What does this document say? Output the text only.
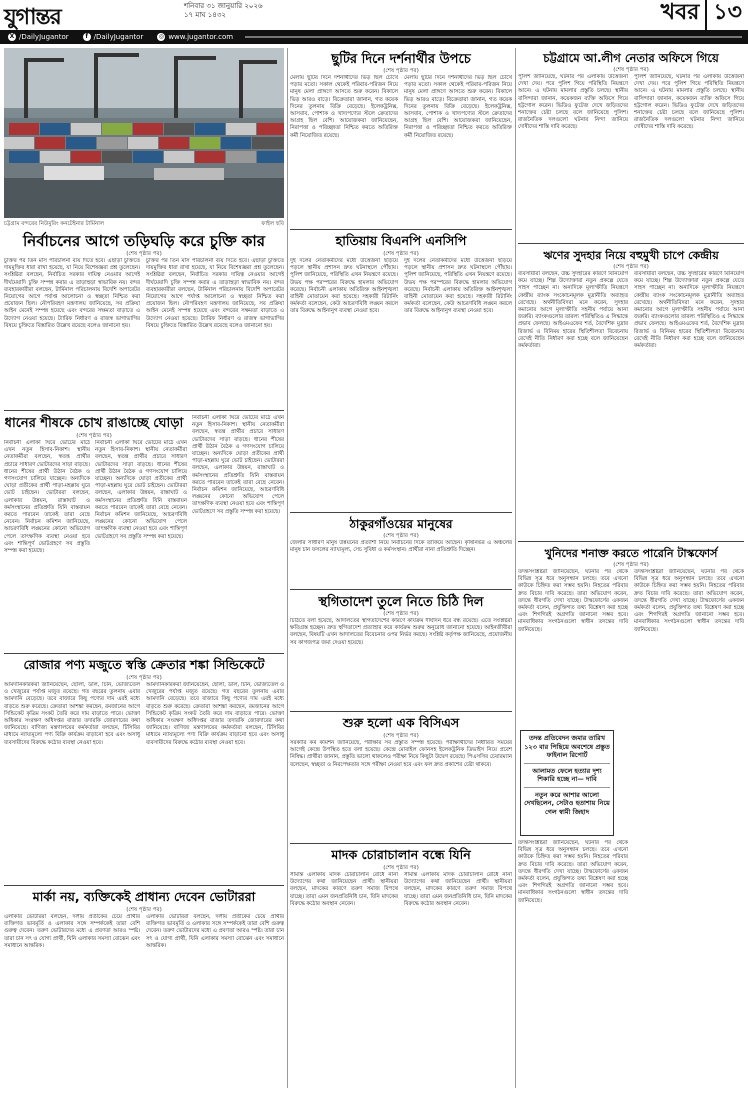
যুগান্তর	শনিবার ৩১ জানুয়ারি ২০২৬
১৭ মাঘ ১৪৩২	খবর ১৩
X /DailyJugantor	f /DailyJugantor	◎ www.jugantor.com
চট্টগ্রাম বন্দরের নিউমুরিং কনটেইনার টার্মিনাল	ফাইল ছবি
নির্বাচনের আগে তড়িঘড়ি করে চুক্তি কার
(শেষ পৃষ্ঠার পর)
চুক্তির পর তিন মাস পরিচালনা ব্যয় দিতে হবে। এছাড়া চুক্তিতে দায়মুক্তির ধারা রাখা হয়েছে, যা নিয়ে বিশেষজ্ঞরা প্রশ্ন তুলেছেন। সংশ্লিষ্টরা বলছেন, নির্বাচিত সরকার দায়িত্ব নেওয়ার আগেই দীর্ঘমেয়াদি চুক্তি সম্পন্ন করার এ তাড়াহুড়া স্বাভাবিক নয়। বন্দর ব্যবহারকারীরা বলছেন, টার্মিনাল পরিচালনায় বিদেশি অপারেটর নিয়োগের আগে পর্যাপ্ত আলোচনা ও স্বচ্ছতা নিশ্চিত করা প্রয়োজন ছিল। নৌপরিবহণ মন্ত্রণালয় জানিয়েছে, সব প্রক্রিয়া আইন মেনেই সম্পন্ন হয়েছে এবং বন্দরের সক্ষমতা বাড়াতে এ উদ্যোগ নেওয়া হয়েছে। ট্যারিফ নির্ধারণ ও রাজস্ব ভাগাভাগির বিষয়ে চুক্তিতে বিস্তারিত উল্লেখ রয়েছে বলেও জানানো হয়।
চুক্তির পর তিন মাস পরিচালনা ব্যয় দিতে হবে। এছাড়া চুক্তিতে দায়মুক্তির ধারা রাখা হয়েছে, যা নিয়ে বিশেষজ্ঞরা প্রশ্ন তুলেছেন। সংশ্লিষ্টরা বলছেন, নির্বাচিত সরকার দায়িত্ব নেওয়ার আগেই দীর্ঘমেয়াদি চুক্তি সম্পন্ন করার এ তাড়াহুড়া স্বাভাবিক নয়। বন্দর ব্যবহারকারীরা বলছেন, টার্মিনাল পরিচালনায় বিদেশি অপারেটর নিয়োগের আগে পর্যাপ্ত আলোচনা ও স্বচ্ছতা নিশ্চিত করা প্রয়োজন ছিল। নৌপরিবহণ মন্ত্রণালয় জানিয়েছে, সব প্রক্রিয়া আইন মেনেই সম্পন্ন হয়েছে এবং বন্দরের সক্ষমতা বাড়াতে এ উদ্যোগ নেওয়া হয়েছে। ট্যারিফ নির্ধারণ ও রাজস্ব ভাগাভাগির বিষয়ে চুক্তিতে বিস্তারিত উল্লেখ রয়েছে বলেও জানানো হয়।
ধানের শীষকে চোখ রাঙাচ্ছে ঘোড়া
(শেষ পৃষ্ঠার পর)
নির্বাচনী এলাকা ঘিরে ভোটের মাঠে এখন নতুন হিসাব-নিকাশ। স্থানীয় নেতাকর্মীরা বলছেন, স্বতন্ত্র প্রার্থীর প্রচারে সাধারণ ভোটারদের সাড়া বাড়ছে। ধানের শীষের প্রার্থী উঠান বৈঠক ও গণসংযোগ চালিয়ে যাচ্ছেন। অন্যদিকে ঘোড়া প্রতীকের প্রার্থী পাড়া-মহল্লায় ঘুরে ভোট চাইছেন। ভোটাররা বলছেন, এলাকার উন্নয়ন, রাস্তাঘাট ও কর্মসংস্থানের প্রতিশ্রুতি যিনি বাস্তবায়ন করতে পারবেন তাকেই তারা বেছে নেবেন। নির্বাচন কমিশন জানিয়েছে, আচরণবিধি লঙ্ঘনের কোনো অভিযোগ পেলে তাৎক্ষণিক ব্যবস্থা নেওয়া হবে এবং শান্তিপূর্ণ ভোটগ্রহণে সব প্রস্তুতি সম্পন্ন করা হয়েছে।
নির্বাচনী এলাকা ঘিরে ভোটের মাঠে এখন নতুন হিসাব-নিকাশ। স্থানীয় নেতাকর্মীরা বলছেন, স্বতন্ত্র প্রার্থীর প্রচারে সাধারণ ভোটারদের সাড়া বাড়ছে। ধানের শীষের প্রার্থী উঠান বৈঠক ও গণসংযোগ চালিয়ে যাচ্ছেন। অন্যদিকে ঘোড়া প্রতীকের প্রার্থী পাড়া-মহল্লায় ঘুরে ভোট চাইছেন। ভোটাররা বলছেন, এলাকার উন্নয়ন, রাস্তাঘাট ও কর্মসংস্থানের প্রতিশ্রুতি যিনি বাস্তবায়ন করতে পারবেন তাকেই তারা বেছে নেবেন। নির্বাচন কমিশন জানিয়েছে, আচরণবিধি লঙ্ঘনের কোনো অভিযোগ পেলে তাৎক্ষণিক ব্যবস্থা নেওয়া হবে এবং শান্তিপূর্ণ ভোটগ্রহণে সব প্রস্তুতি সম্পন্ন করা হয়েছে।
নির্বাচনী এলাকা ঘিরে ভোটের মাঠে এখন নতুন হিসাব-নিকাশ। স্থানীয় নেতাকর্মীরা বলছেন, স্বতন্ত্র প্রার্থীর প্রচারে সাধারণ ভোটারদের সাড়া বাড়ছে। ধানের শীষের প্রার্থী উঠান বৈঠক ও গণসংযোগ চালিয়ে যাচ্ছেন। অন্যদিকে ঘোড়া প্রতীকের প্রার্থী পাড়া-মহল্লায় ঘুরে ভোট চাইছেন। ভোটাররা বলছেন, এলাকার উন্নয়ন, রাস্তাঘাট ও কর্মসংস্থানের প্রতিশ্রুতি যিনি বাস্তবায়ন করতে পারবেন তাকেই তারা বেছে নেবেন। নির্বাচন কমিশন জানিয়েছে, আচরণবিধি লঙ্ঘনের কোনো অভিযোগ পেলে তাৎক্ষণিক ব্যবস্থা নেওয়া হবে এবং শান্তিপূর্ণ ভোটগ্রহণে সব প্রস্তুতি সম্পন্ন করা হয়েছে।
রোজার পণ্য মজুতে স্বস্তি ক্রেতার শঙ্কা সিন্ডিকেটে
(শেষ পৃষ্ঠার পর)
আমদানিকারকরা জানিয়েছেন, ছোলা, ডাল, চিনি, ভোজ্যতেল ও খেজুরের পর্যাপ্ত মজুত রয়েছে। গত বছরের তুলনায় এবার আমদানি বেড়েছে। তবে বাজারে কিছু পণ্যের দাম এরই মধ্যে বাড়তে শুরু করেছে। ক্রেতারা আশঙ্কা করছেন, রমজানের আগে সিন্ডিকেট কৃত্রিম সংকট তৈরি করে দাম বাড়াতে পারে। ভোক্তা অধিকার সংরক্ষণ অধিদপ্তর বাজার তদারকি জোরদারের কথা জানিয়েছে। বাণিজ্য মন্ত্রণালয়ের কর্মকর্তারা বলছেন, টিসিবির মাধ্যমে ন্যায্যমূল্যে পণ্য বিক্রি কার্যক্রম বাড়ানো হবে এবং অসাধু ব্যবসায়ীদের বিরুদ্ধে কঠোর ব্যবস্থা নেওয়া হবে।
আমদানিকারকরা জানিয়েছেন, ছোলা, ডাল, চিনি, ভোজ্যতেল ও খেজুরের পর্যাপ্ত মজুত রয়েছে। গত বছরের তুলনায় এবার আমদানি বেড়েছে। তবে বাজারে কিছু পণ্যের দাম এরই মধ্যে বাড়তে শুরু করেছে। ক্রেতারা আশঙ্কা করছেন, রমজানের আগে সিন্ডিকেট কৃত্রিম সংকট তৈরি করে দাম বাড়াতে পারে। ভোক্তা অধিকার সংরক্ষণ অধিদপ্তর বাজার তদারকি জোরদারের কথা জানিয়েছে। বাণিজ্য মন্ত্রণালয়ের কর্মকর্তারা বলছেন, টিসিবির মাধ্যমে ন্যায্যমূল্যে পণ্য বিক্রি কার্যক্রম বাড়ানো হবে এবং অসাধু ব্যবসায়ীদের বিরুদ্ধে কঠোর ব্যবস্থা নেওয়া হবে।
মার্কা নয়, ব্যক্তিকেই প্রাধান্য দেবেন ভোটাররা
(শেষ পৃষ্ঠার পর)
এলাকার ভোটাররা বলছেন, দলীয় প্রতীকের চেয়ে প্রার্থীর ব্যক্তিগত ভাবমূর্তি ও এলাকার সঙ্গে সম্পর্ককেই তারা বেশি গুরুত্ব দেবেন। তরুণ ভোটারদের মধ্যে এ প্রবণতা আরও স্পষ্ট। তারা চান সৎ ও যোগ্য প্রার্থী, যিনি এলাকার সমস্যা বোঝেন এবং সমাধানে আন্তরিক।
এলাকার ভোটাররা বলছেন, দলীয় প্রতীকের চেয়ে প্রার্থীর ব্যক্তিগত ভাবমূর্তি ও এলাকার সঙ্গে সম্পর্ককেই তারা বেশি গুরুত্ব দেবেন। তরুণ ভোটারদের মধ্যে এ প্রবণতা আরও স্পষ্ট। তারা চান সৎ ও যোগ্য প্রার্থী, যিনি এলাকার সমস্যা বোঝেন এবং সমাধানে আন্তরিক।
ছুটির দিনে দর্শনার্থীর উপচে
(শেষ পৃষ্ঠার পর)
মেলায় ছুটির দিনে দর্শনার্থীদের ভিড় ছিল চোখে পড়ার মতো। সকাল থেকেই পরিবার-পরিজন নিয়ে মানুষ মেলা প্রাঙ্গণে আসতে শুরু করেন। বিকালে ভিড় আরও বাড়ে। বিক্রেতারা জানান, গত কয়েক দিনের তুলনায় বিক্রি বেড়েছে। ইলেকট্রনিক্স, আসবাব, পোশাক ও খাদ্যপণ্যের স্টলে ক্রেতাদের আগ্রহ ছিল বেশি। আয়োজকরা জানিয়েছেন, নিরাপত্তা ও পরিচ্ছন্নতা নিশ্চিত করতে অতিরিক্ত কর্মী নিয়োজিত রয়েছে।
মেলায় ছুটির দিনে দর্শনার্থীদের ভিড় ছিল চোখে পড়ার মতো। সকাল থেকেই পরিবার-পরিজন নিয়ে মানুষ মেলা প্রাঙ্গণে আসতে শুরু করেন। বিকালে ভিড় আরও বাড়ে। বিক্রেতারা জানান, গত কয়েক দিনের তুলনায় বিক্রি বেড়েছে। ইলেকট্রনিক্স, আসবাব, পোশাক ও খাদ্যপণ্যের স্টলে ক্রেতাদের আগ্রহ ছিল বেশি। আয়োজকরা জানিয়েছেন, নিরাপত্তা ও পরিচ্ছন্নতা নিশ্চিত করতে অতিরিক্ত কর্মী নিয়োজিত রয়েছে।
হাতিয়ায় বিএনপি এনসিপি
(শেষ পৃষ্ঠার পর)
দুই দলের নেতাকর্মীদের মধ্যে উত্তেজনা ছড়িয়ে পড়লে স্থানীয় প্রশাসন দ্রুত ঘটনাস্থলে পৌঁছায়। পুলিশ জানিয়েছে, পরিস্থিতি এখন নিয়ন্ত্রণে রয়েছে। উভয় পক্ষ পরস্পরের বিরুদ্ধে হামলার অভিযোগ করেছে। নির্বাচনী এলাকায় অতিরিক্ত আইনশৃঙ্খলা বাহিনী মোতায়েন করা হয়েছে। সহকারী রিটার্নিং কর্মকর্তা বলেছেন, কেউ আচরণবিধি লঙ্ঘন করলে তার বিরুদ্ধে আইনানুগ ব্যবস্থা নেওয়া হবে।
দুই দলের নেতাকর্মীদের মধ্যে উত্তেজনা ছড়িয়ে পড়লে স্থানীয় প্রশাসন দ্রুত ঘটনাস্থলে পৌঁছায়। পুলিশ জানিয়েছে, পরিস্থিতি এখন নিয়ন্ত্রণে রয়েছে। উভয় পক্ষ পরস্পরের বিরুদ্ধে হামলার অভিযোগ করেছে। নির্বাচনী এলাকায় অতিরিক্ত আইনশৃঙ্খলা বাহিনী মোতায়েন করা হয়েছে। সহকারী রিটার্নিং কর্মকর্তা বলেছেন, কেউ আচরণবিধি লঙ্ঘন করলে তার বিরুদ্ধে আইনানুগ ব্যবস্থা নেওয়া হবে।
ঠাকুরগাঁওয়ের মানুষের
(শেষ পৃষ্ঠার পর)
জেলার সাধারণ মানুষ উন্নয়নের প্রত্যাশা নিয়ে নির্বাচনের দিকে তাকিয়ে আছেন। কৃষিনির্ভর এ অঞ্চলের মানুষ চান ফসলের ন্যায্যমূল্য, সেচ সুবিধা ও কর্মসংস্থান। প্রার্থীরা নানা প্রতিশ্রুতি দিচ্ছেন।
স্থগিতাদেশ তুলে নিতে চিঠি দিল
(শেষ পৃষ্ঠার পর)
চিঠিতে বলা হয়েছে, আদালতের স্থগিতাদেশের কারণে কার্যক্রম দীর্ঘদিন ধরে বন্ধ রয়েছে। এতে সংশ্লিষ্টরা ক্ষতিগ্রস্ত হচ্ছেন। দ্রুত স্থগিতাদেশ প্রত্যাহার করে কার্যক্রম শুরুর অনুরোধ জানানো হয়েছে। আইনজীবীরা বলছেন, বিষয়টি এখন আদালতের বিবেচনার ওপর নির্ভর করছে। সংশ্লিষ্ট কর্তৃপক্ষ জানিয়েছে, প্রয়োজনীয় সব কাগজপত্র জমা দেওয়া হয়েছে।
শুরু হলো এক বিসিএস
(শেষ পৃষ্ঠার পর)
সরকারি কর্ম কমিশন জানিয়েছে, পরীক্ষার সব প্রস্তুতি সম্পন্ন হয়েছে। পরীক্ষার্থীদের নির্ধারিত সময়ের আগেই কেন্দ্রে উপস্থিত হতে বলা হয়েছে। কেন্দ্রে মোবাইল ফোনসহ ইলেকট্রনিক ডিভাইস নিয়ে প্রবেশ নিষিদ্ধ। প্রার্থীরা জানান, প্রস্তুতি ভালো থাকলেও পরীক্ষা নিয়ে কিছুটা উদ্বেগ রয়েছে। পিএসসির চেয়ারম্যান বলেছেন, স্বচ্ছতা ও নিরপেক্ষতার সঙ্গে পরীক্ষা নেওয়া হবে এবং ফল দ্রুত প্রকাশের চেষ্টা থাকবে।
মাদক চোরাচালান বন্ধে যিনি
(শেষ পৃষ্ঠার পর)
সীমান্ত এলাকায় মাদক চোরাচালান রোধে নানা উদ্যোগের কথা জানিয়েছেন প্রার্থী। স্থানীয়রা বলছেন, মাদকের কারণে তরুণ সমাজ বিপথে যাচ্ছে। তারা এমন জনপ্রতিনিধি চান, যিনি মাদকের বিরুদ্ধে কঠোর অবস্থান নেবেন।
সীমান্ত এলাকায় মাদক চোরাচালান রোধে নানা উদ্যোগের কথা জানিয়েছেন প্রার্থী। স্থানীয়রা বলছেন, মাদকের কারণে তরুণ সমাজ বিপথে যাচ্ছে। তারা এমন জনপ্রতিনিধি চান, যিনি মাদকের বিরুদ্ধে কঠোর অবস্থান নেবেন।
চট্টগ্রামে আ.লীগ নেতার অফিসে গিয়ে
(শেষ পৃষ্ঠার পর)
পুলিশ জানিয়েছে, ঘটনার পর এলাকায় উত্তেজনা দেখা দেয়। পরে পুলিশ গিয়ে পরিস্থিতি নিয়ন্ত্রণে আনে। এ ঘটনায় মামলার প্রস্তুতি চলছে। স্থানীয় বাসিন্দারা জানান, কয়েকজন ব্যক্তি অফিসে গিয়ে হট্টগোল করেন। ভিডিও ফুটেজ দেখে জড়িতদের শনাক্তের চেষ্টা চলছে বলে জানিয়েছে পুলিশ। রাজনৈতিক দলগুলো ঘটনার নিন্দা জানিয়ে দোষীদের শাস্তি দাবি করেছে।
পুলিশ জানিয়েছে, ঘটনার পর এলাকায় উত্তেজনা দেখা দেয়। পরে পুলিশ গিয়ে পরিস্থিতি নিয়ন্ত্রণে আনে। এ ঘটনায় মামলার প্রস্তুতি চলছে। স্থানীয় বাসিন্দারা জানান, কয়েকজন ব্যক্তি অফিসে গিয়ে হট্টগোল করেন। ভিডিও ফুটেজ দেখে জড়িতদের শনাক্তের চেষ্টা চলছে বলে জানিয়েছে পুলিশ। রাজনৈতিক দলগুলো ঘটনার নিন্দা জানিয়ে দোষীদের শাস্তি দাবি করেছে।
ঋণের সুদহার নিয়ে বহুমুখী চাপে কেন্দ্রীয়
(শেষ পৃষ্ঠার পর)
ব্যবসায়ীরা বলছেন, উচ্চ সুদহারের কারণে বিনিয়োগ কমে যাচ্ছে। শিল্প উদ্যোক্তারা নতুন প্রকল্পে যেতে সাহস পাচ্ছেন না। অন্যদিকে মূল্যস্ফীতি নিয়ন্ত্রণে কেন্দ্রীয় ব্যাংক সংকোচনমূলক মুদ্রানীতি অব্যাহত রেখেছে। অর্থনীতিবিদরা মনে করেন, সুদহার কমানোর আগে মূল্যস্ফীতি সহনীয় পর্যায়ে আনা জরুরি। ব্যাংকগুলোর তারল্য পরিস্থিতিও এ সিদ্ধান্তে প্রভাব ফেলছে। আইএমএফের শর্ত, বৈদেশিক মুদ্রার রিজার্ভ ও বিনিময় হারের স্থিতিশীলতা বিবেচনায় রেখেই নীতি নির্ধারণ করা হচ্ছে বলে জানিয়েছেন কর্মকর্তারা।
ব্যবসায়ীরা বলছেন, উচ্চ সুদহারের কারণে বিনিয়োগ কমে যাচ্ছে। শিল্প উদ্যোক্তারা নতুন প্রকল্পে যেতে সাহস পাচ্ছেন না। অন্যদিকে মূল্যস্ফীতি নিয়ন্ত্রণে কেন্দ্রীয় ব্যাংক সংকোচনমূলক মুদ্রানীতি অব্যাহত রেখেছে। অর্থনীতিবিদরা মনে করেন, সুদহার কমানোর আগে মূল্যস্ফীতি সহনীয় পর্যায়ে আনা জরুরি। ব্যাংকগুলোর তারল্য পরিস্থিতিও এ সিদ্ধান্তে প্রভাব ফেলছে। আইএমএফের শর্ত, বৈদেশিক মুদ্রার রিজার্ভ ও বিনিময় হারের স্থিতিশীলতা বিবেচনায় রেখেই নীতি নির্ধারণ করা হচ্ছে বলে জানিয়েছেন কর্মকর্তারা।
খুনিদের শনাক্ত করতে পারেনি টাস্কফোর্স
(শেষ পৃষ্ঠার পর)
তদন্তসংশ্লিষ্টরা জানিয়েছেন, ঘটনার পর থেকে বিভিন্ন সূত্র ধরে অনুসন্ধান চলছে। তবে এখনো কাউকে চিহ্নিত করা সম্ভব হয়নি। নিহতের পরিবার দ্রুত বিচার দাবি করেছে। তারা অভিযোগ করেন, তদন্তে ধীরগতি দেখা যাচ্ছে। টাস্কফোর্সের একজন কর্মকর্তা বলেন, প্রযুক্তিগত তথ্য বিশ্লেষণ করা হচ্ছে এবং শিগগিরই অগ্রগতি জানানো সম্ভব হবে। মানবাধিকার সংগঠনগুলো স্বাধীন তদন্তের দাবি জানিয়েছে।
তদন্তসংশ্লিষ্টরা জানিয়েছেন, ঘটনার পর থেকে বিভিন্ন সূত্র ধরে অনুসন্ধান চলছে। তবে এখনো কাউকে চিহ্নিত করা সম্ভব হয়নি। নিহতের পরিবার দ্রুত বিচার দাবি করেছে। তারা অভিযোগ করেন, তদন্তে ধীরগতি দেখা যাচ্ছে। টাস্কফোর্সের একজন কর্মকর্তা বলেন, প্রযুক্তিগত তথ্য বিশ্লেষণ করা হচ্ছে এবং শিগগিরই অগ্রগতি জানানো সম্ভব হবে। মানবাধিকার সংগঠনগুলো স্বাধীন তদন্তের দাবি জানিয়েছে।
তদন্তসংশ্লিষ্টরা জানিয়েছেন, ঘটনার পর থেকে বিভিন্ন সূত্র ধরে অনুসন্ধান চলছে। তবে এখনো কাউকে চিহ্নিত করা সম্ভব হয়নি। নিহতের পরিবার দ্রুত বিচার দাবি করেছে। তারা অভিযোগ করেন, তদন্তে ধীরগতি দেখা যাচ্ছে। টাস্কফোর্সের একজন কর্মকর্তা বলেন, প্রযুক্তিগত তথ্য বিশ্লেষণ করা হচ্ছে এবং শিগগিরই অগ্রগতি জানানো সম্ভব হবে। মানবাধিকার সংগঠনগুলো স্বাধীন তদন্তের দাবি জানিয়েছে।

তদন্ত প্রতিবেদন জমার তারিখ ১২৩ বার পিছিয়ে অবশেষে প্রস্তুত ফাইনাল রিপোর্ট

আলামত ফেলে হত্যার দৃশ্য শিকারি হচ্ছে না— দাবি

নতুন করে আশার আলো দেখছিলেন, সেটাও হতাশায় নিয়ে গেল স্বামী জিহাদ
